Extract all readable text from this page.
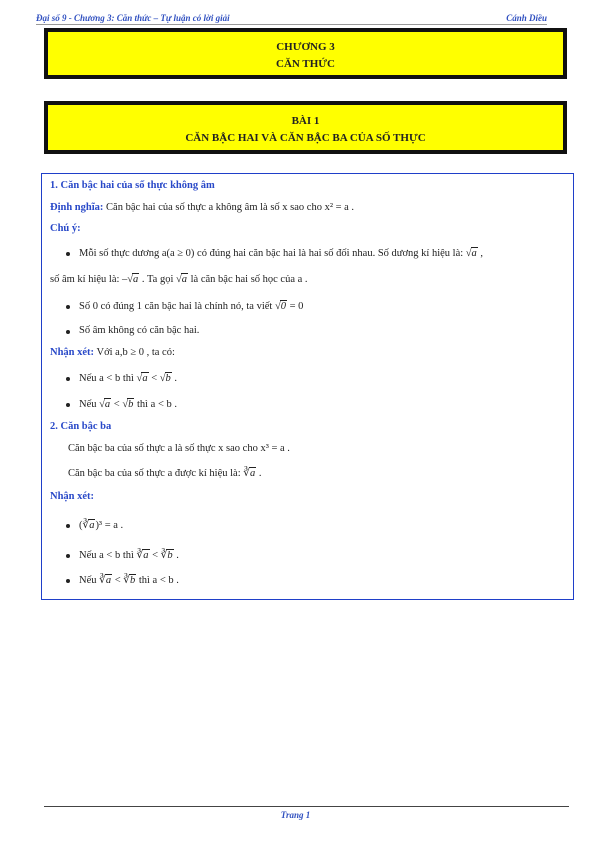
Đại số 9 - Chương 3: Căn thức – Tự luận có lời giải	Cánh Diều
CHƯƠNG 3
CĂN THỨC
BÀI 1
CĂN BẬC HAI VÀ CĂN BẬC BA CỦA SỐ THỰC
1. Căn bậc hai của số thực không âm
Định nghĩa: Căn bậc hai của số thực a không âm là số x sao cho x² = a .
Chú ý:
Mỗi số thực dương a(a ≥ 0) có đúng hai căn bậc hai là hai số đối nhau. Số dương kí hiệu là: √a ,
số âm kí hiệu là: –√a . Ta gọi √a là căn bậc hai số học của a .
Số 0 có đúng 1 căn bậc hai là chính nó, ta viết √0 = 0
Số âm không có căn bậc hai.
Nhận xét: Với a,b ≥ 0 , ta có:
Nếu a < b thì √a < √b .
Nếu √a < √b thì a < b .
2. Căn bậc ba
Căn bậc ba của số thực a là số thực x sao cho x³ = a .
Căn bậc ba của số thực a được kí hiệu là: ∛a .
Nhận xét:
(∛a)³ = a .
Nếu a < b thì ∛a < ∛b .
Nếu ∛a < ∛b thì a < b .
Trang 1
